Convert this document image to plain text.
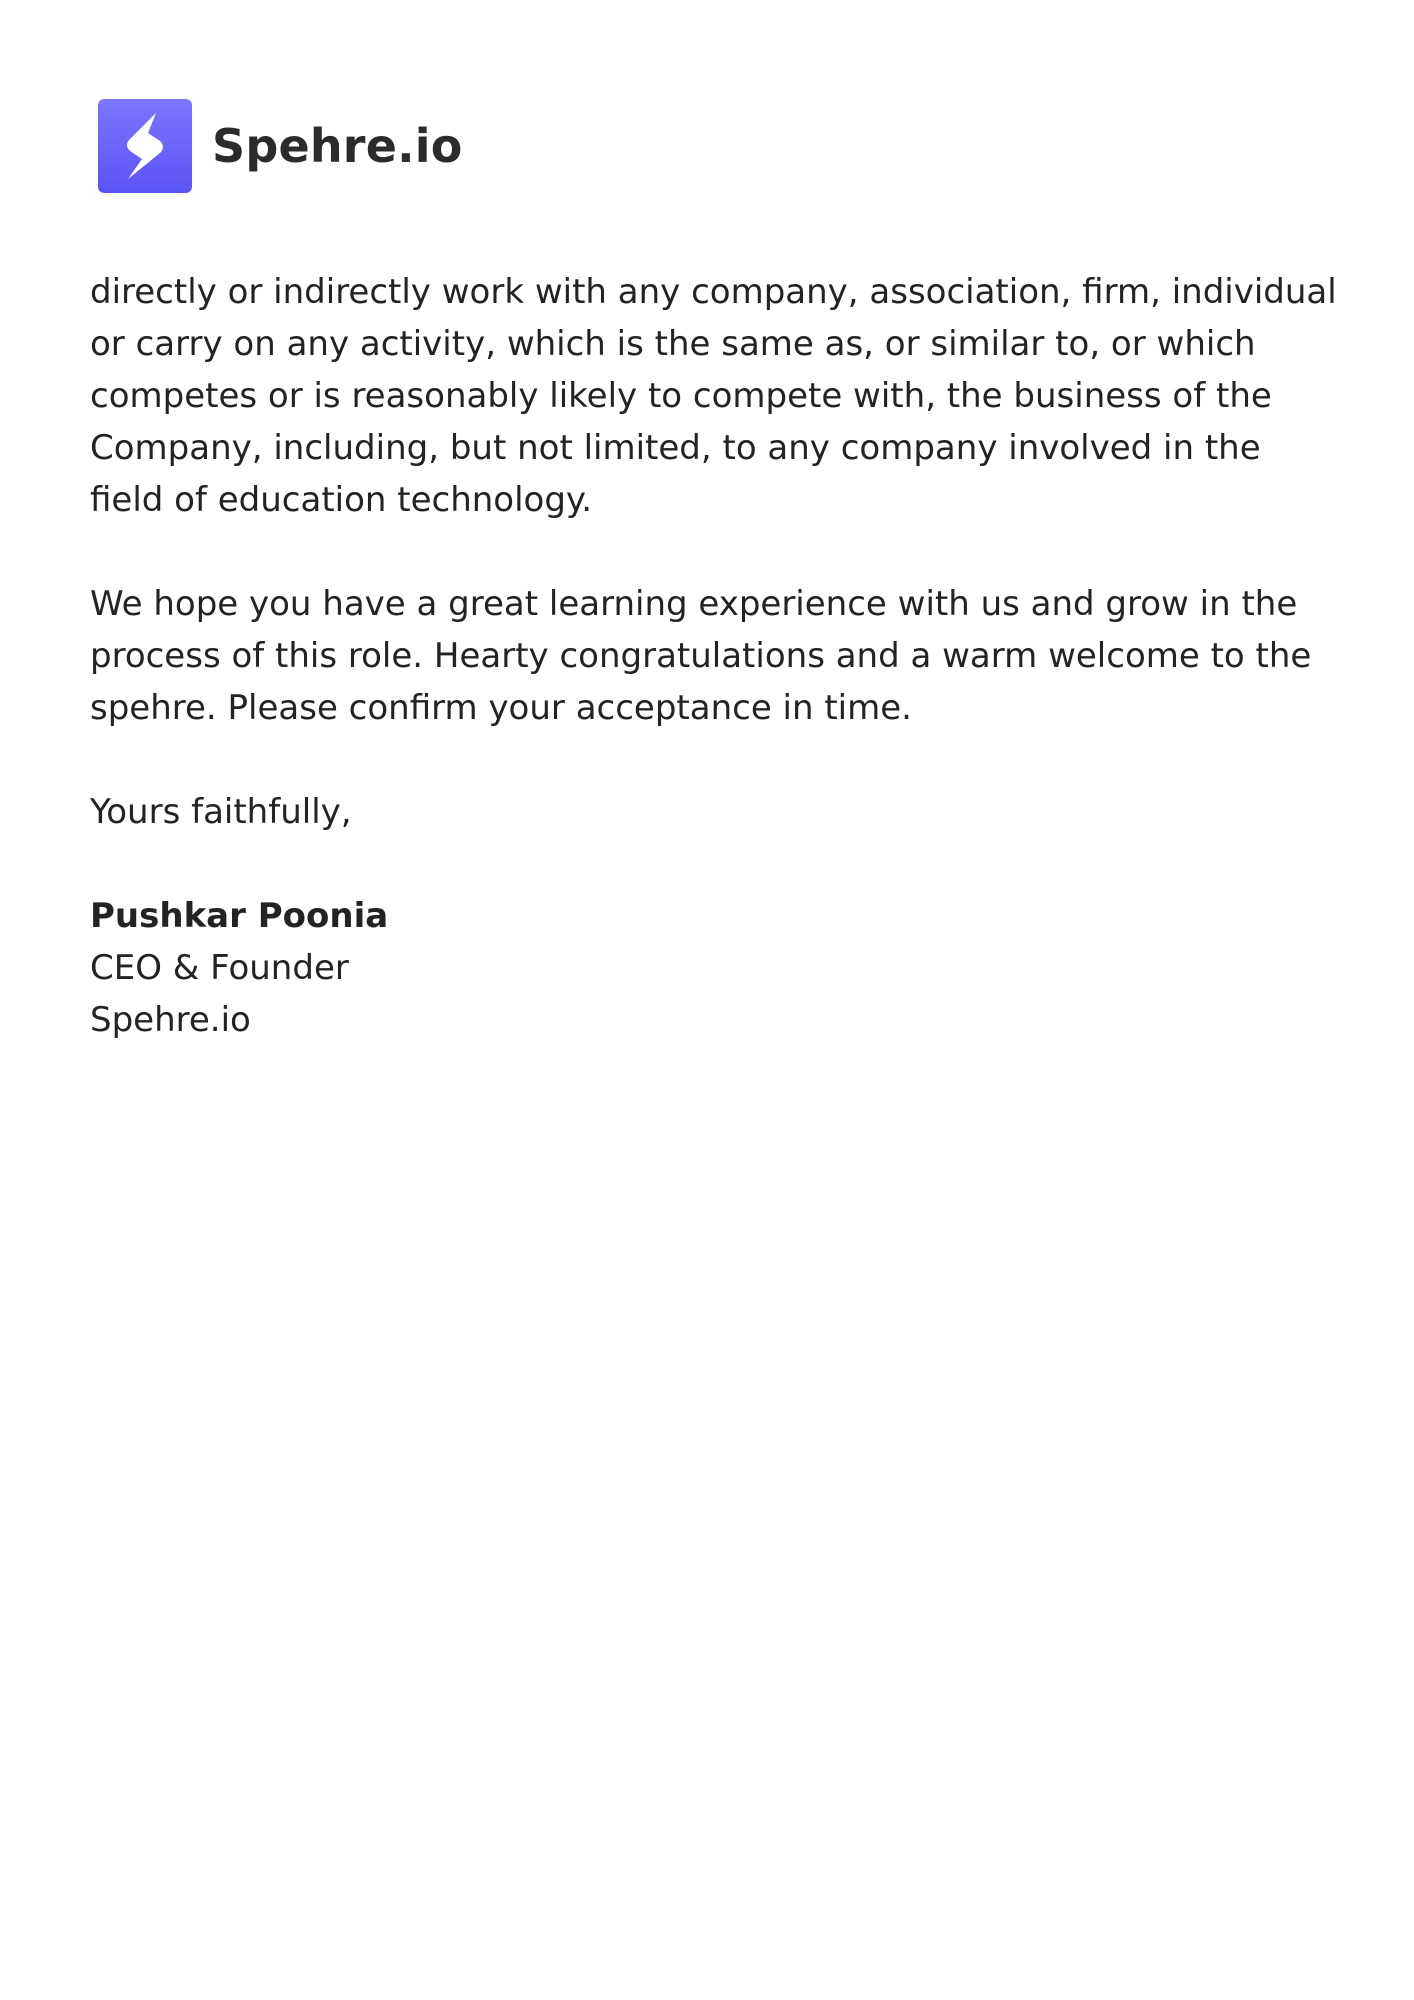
Spehre.io

directly or indirectly work with any company, association, firm, individual or carry on any activity, which is the same as, or similar to, or which competes or is reasonably likely to compete with, the business of the Company, including, but not limited, to any company involved in the field of education technology.

We hope you have a great learning experience with us and grow in the process of this role. Hearty congratulations and a warm welcome to the spehre. Please confirm your acceptance in time.

Yours faithfully,

Pushkar Poonia

CEO & Founder

Spehre.io
